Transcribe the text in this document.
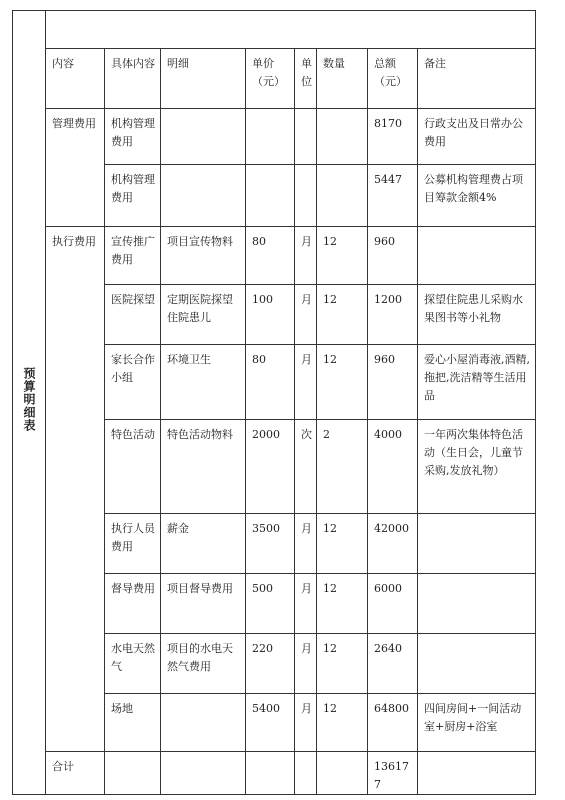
预算明细表								
	内容	具体内容	明细	单价（元）	单位	数量	总额（元）	备注
	管理费用	机构管理费用					8170	行政支出及日常办公费用
		机构管理费用					5447	公募机构管理费占项目筹款金额4%
	执行费用	宣传推广费用	项目宣传物料	80	月	12	960	
		医院探望	定期医院探望住院患儿	100	月	12	1200	探望住院患儿采购水果图书等小礼物
		家长合作小组	环境卫生	80	月	12	960	爱心小屋消毒液,酒精,拖把,洗洁精等生活用品
		特色活动	特色活动物料	2000	次	2	4000	一年两次集体特色活动（生日会，儿童节采购,发放礼物）
		执行人员费用	薪金	3500	月	12	42000	
		督导费用	项目督导费用	500	月	12	6000	
		水电天然气	项目的水电天然气费用	220	月	12	2640	
		场地		5400	月	12	64800	四间房间+一间活动室+厨房+浴室
	合计						136177	
